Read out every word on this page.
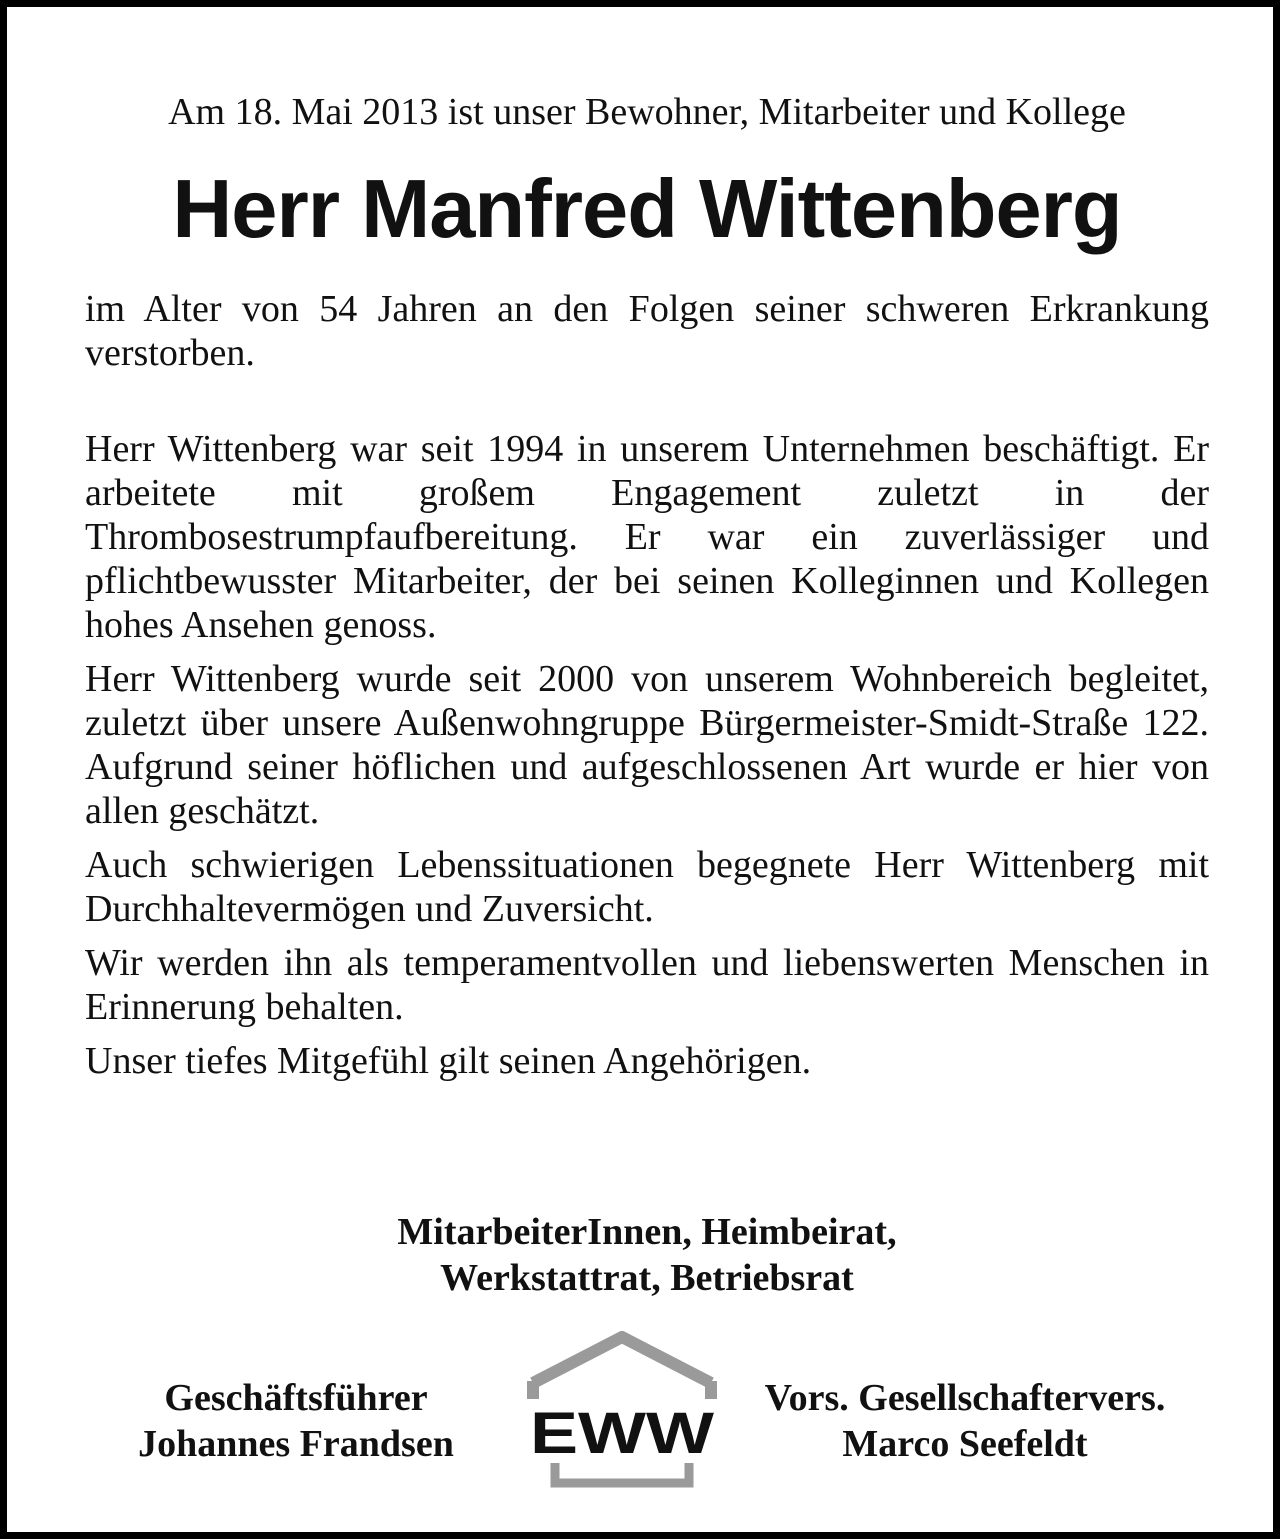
Am 18. Mai 2013 ist unser Bewohner, Mitarbeiter und Kollege

Herr Manfred Wittenberg

im Alter von 54 Jahren an den Folgen seiner schweren Erkrankung verstorben.

Herr Wittenberg war seit 1994 in unserem Unternehmen beschäftigt. Er arbeitete mit großem Engagement zuletzt in der Thrombosestrumpfaufbereitung. Er war ein zuverlässiger und pflichtbewusster Mitarbeiter, der bei seinen Kolleginnen und Kollegen hohes Ansehen genoss.

Herr Wittenberg wurde seit 2000 von unserem Wohnbereich begleitet, zuletzt über unsere Außenwohngruppe Bürgermeister-Smidt-Straße 122. Aufgrund seiner höflichen und aufgeschlossenen Art wurde er hier von allen geschätzt.

Auch schwierigen Lebenssituationen begegnete Herr Wittenberg mit Durchhaltevermögen und Zuversicht.

Wir werden ihn als temperamentvollen und liebenswerten Menschen in Erinnerung behalten.

Unser tiefes Mitgefühl gilt seinen Angehörigen.

MitarbeiterInnen, Heimbeirat,
Werkstattrat, Betriebsrat
Geschäftsführer
Johannes Frandsen	EWW
Vors. Gesellschaftervers.
Marco Seefeldt
